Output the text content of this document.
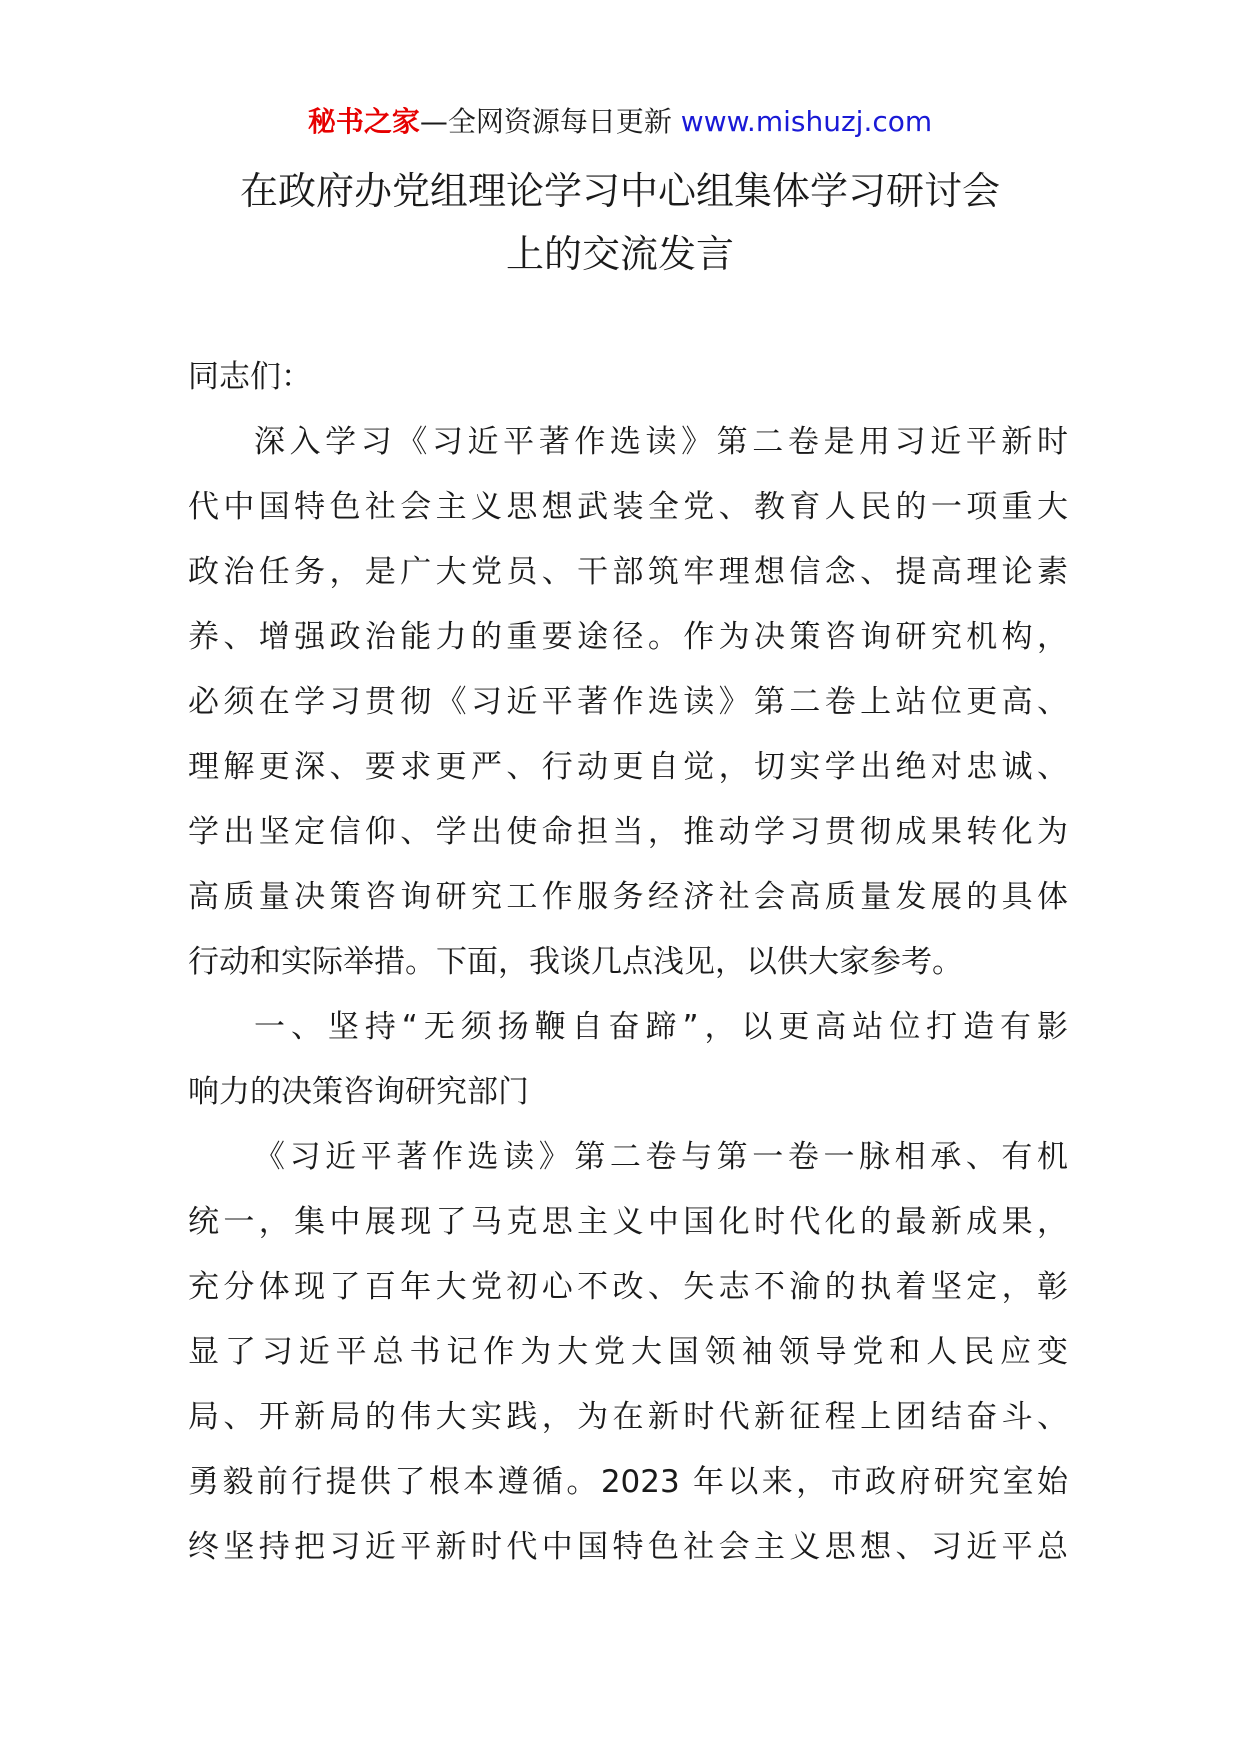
秘书之家—全网资源每日更新 www.mishuzj.com
在政府办党组理论学习中心组集体学习研讨会
上的交流发言
同志们：
深入学习《习近平著作选读》第二卷是用习近平新时
代中国特色社会主义思想武装全党、教育人民的一项重大
政治任务，是广大党员、干部筑牢理想信念、提高理论素
养、增强政治能力的重要途径。作为决策咨询研究机构，
必须在学习贯彻《习近平著作选读》第二卷上站位更高、
理解更深、要求更严、行动更自觉，切实学出绝对忠诚、
学出坚定信仰、学出使命担当，推动学习贯彻成果转化为
高质量决策咨询研究工作服务经济社会高质量发展的具体
行动和实际举措。下面，我谈几点浅见，以供大家参考。
一、坚持“无须扬鞭自奋蹄”，以更高站位打造有影
响力的决策咨询研究部门
《习近平著作选读》第二卷与第一卷一脉相承、有机
统一，集中展现了马克思主义中国化时代化的最新成果，
充分体现了百年大党初心不改、矢志不渝的执着坚定，彰
显了习近平总书记作为大党大国领袖领导党和人民应变
局、开新局的伟大实践，为在新时代新征程上团结奋斗、
勇毅前行提供了根本遵循。2023 年以来，市政府研究室始
终坚持把习近平新时代中国特色社会主义思想、习近平总
